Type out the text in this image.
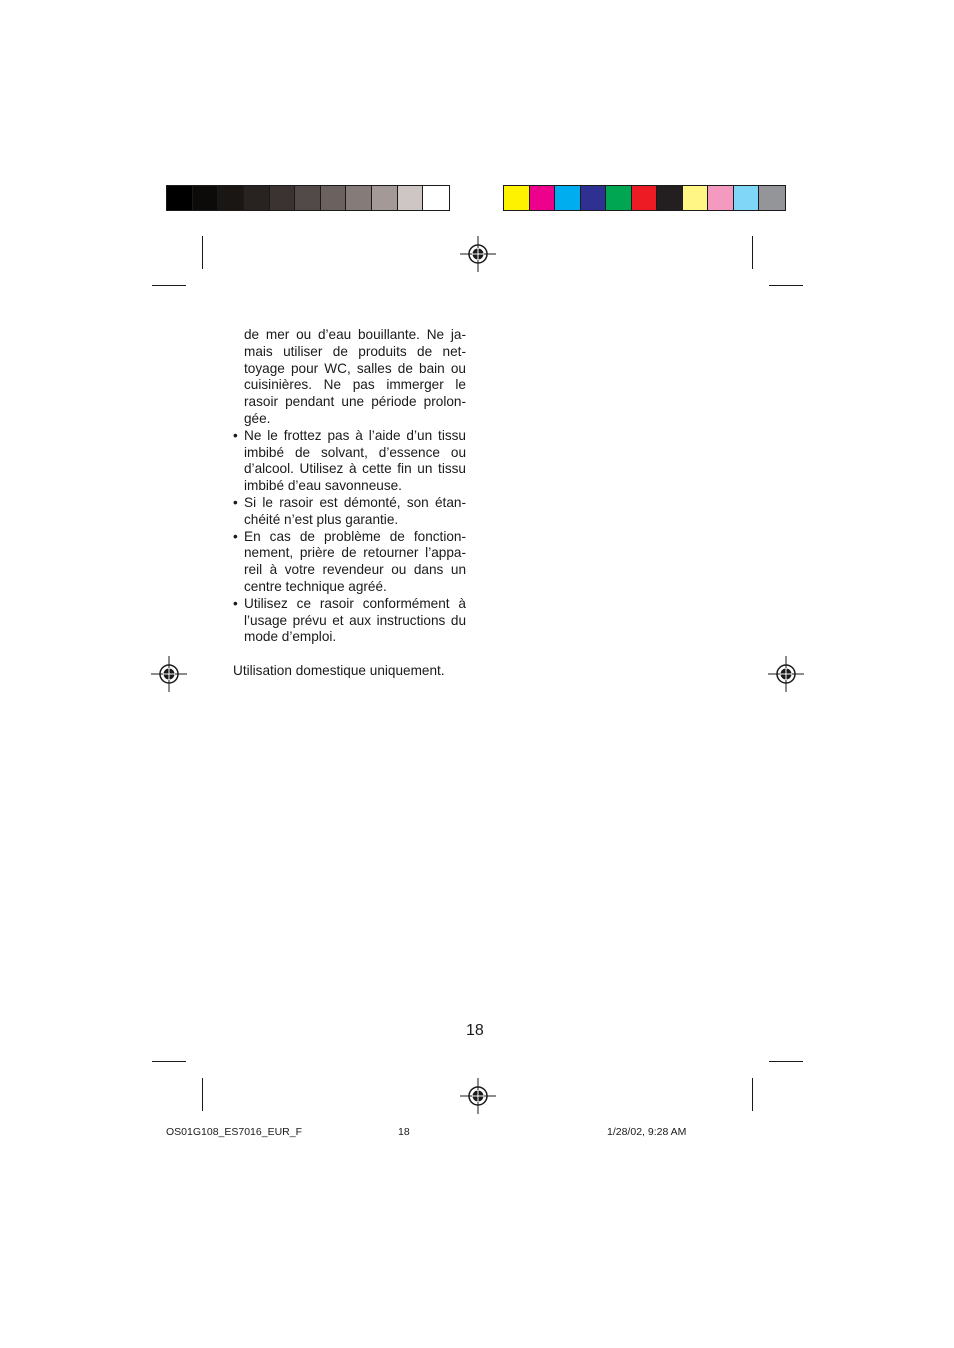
de mer ou d’eau bouillante. Ne ja-mais utiliser de produits de net-toyage pour WC, salles de bain ou cuisinières. Ne pas immerger le rasoir pendant une période prolon-gée.

• Ne le frottez pas à l’aide d’un tissu imbibé de solvant, d’essence ou d’alcool. Utilisez à cette fin un tissu imbibé d’eau savonneuse.

• Si le rasoir est démonté, son étan-chéité n’est plus garantie.

• En cas de problème de fonction-nement, prière de retourner l’appa-reil à votre revendeur ou dans un centre technique agréé.

• Utilisez ce rasoir conformément à l’usage prévu et aux instructions du mode d’emploi.

Utilisation domestique uniquement.

18
OS01G108_ES7016_EUR_F	18	1/28/02, 9:28 AM
